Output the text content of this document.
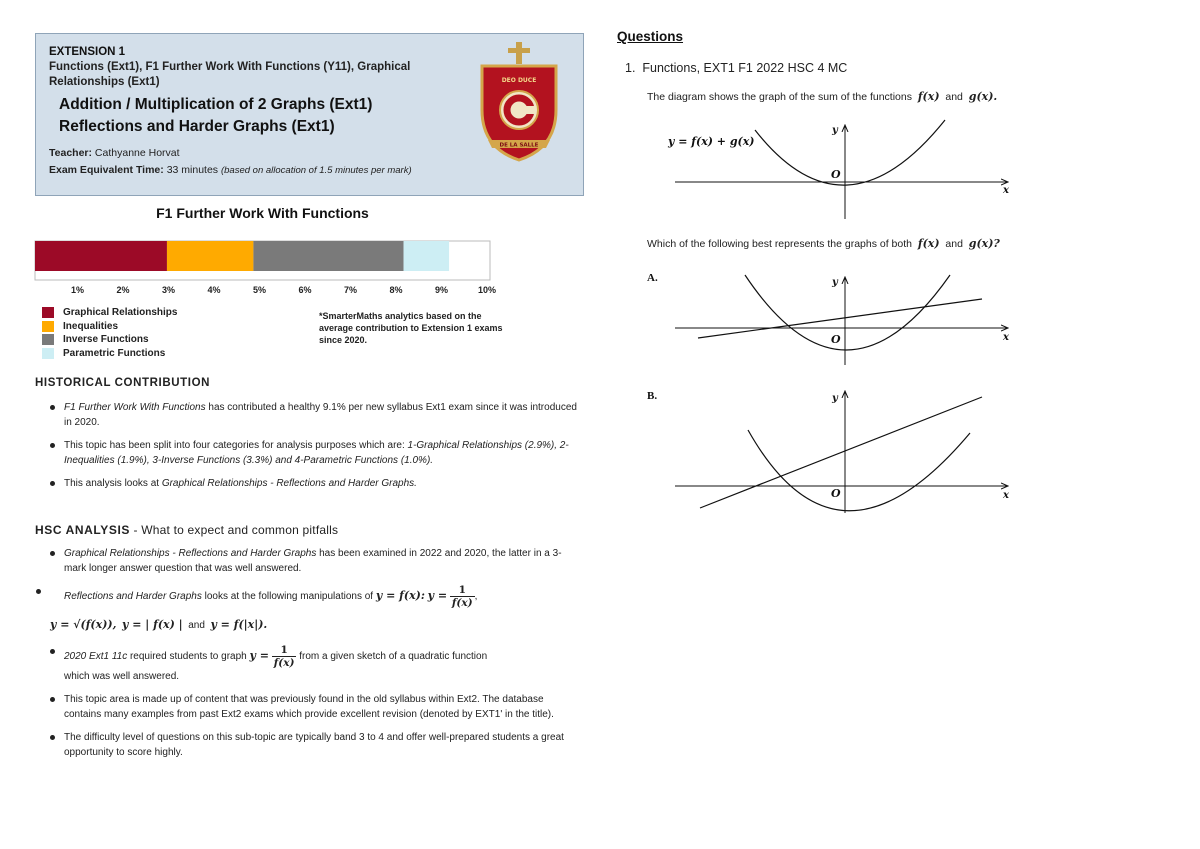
EXTENSION 1
Functions (Ext1), F1 Further Work With Functions (Y11), Graphical Relationships (Ext1)
Addition / Multiplication of 2 Graphs (Ext1)
Reflections and Harder Graphs (Ext1)
Teacher: Cathyanne Horvat
Exam Equivalent Time: 33 minutes (based on allocation of 1.5 minutes per mark)
DEO DUCE
DE LA SALLE
F1 Further Work With Functions
1%	2%	3%	4%	5%	6%	7%	8%	9%	10%
Graphical Relationships
Inequalities
Inverse Functions
Parametric Functions
*SmarterMaths analytics based on the average contribution to Extension 1 exams since 2020.
HISTORICAL CONTRIBUTION
F1 Further Work With Functions has contributed a healthy 9.1% per new syllabus Ext1 exam since it was introduced in 2020.
This topic has been split into four categories for analysis purposes which are: 1-Graphical Relationships (2.9%), 2-Inequalities (1.9%), 3-Inverse Functions (3.3%) and 4-Parametric Functions (1.0%).
This analysis looks at Graphical Relationships - Reflections and Harder Graphs.
HSC ANALYSIS - What to expect and common pitfalls
Graphical Relationships - Reflections and Harder Graphs has been examined in 2022 and 2020, the latter in a 3-mark longer answer question that was well answered.
Reflections and Harder Graphs looks at the following manipulations of y = f(x): $y = \frac{1}{f(x)}$ ,
y = √(f(x)), y = | f(x) | and y = f(|x|).
2020 Ext1 11c required students to graph $y = \frac{1}{f(x)}$ from a given sketch of a quadratic function
which was well answered.
This topic area is made up of content that was previously found in the old syllabus within Ext2. The database contains many examples from past Ext2 exams which provide excellent revision (denoted by EXT1' in the title).
The difficulty level of questions on this sub-topic are typically band 3 to 4 and offer well-prepared students a great opportunity to score highly.
Questions
1. Functions, EXT1 F1 2022 HSC 4 MC
The diagram shows the graph of the sum of the functions f(x) and g(x).
y = f(x) + g(x)
y
x
O
Which of the following best represents the graphs of both f(x) and g(x)?
A.	y
x
O
B.	y
x
O
